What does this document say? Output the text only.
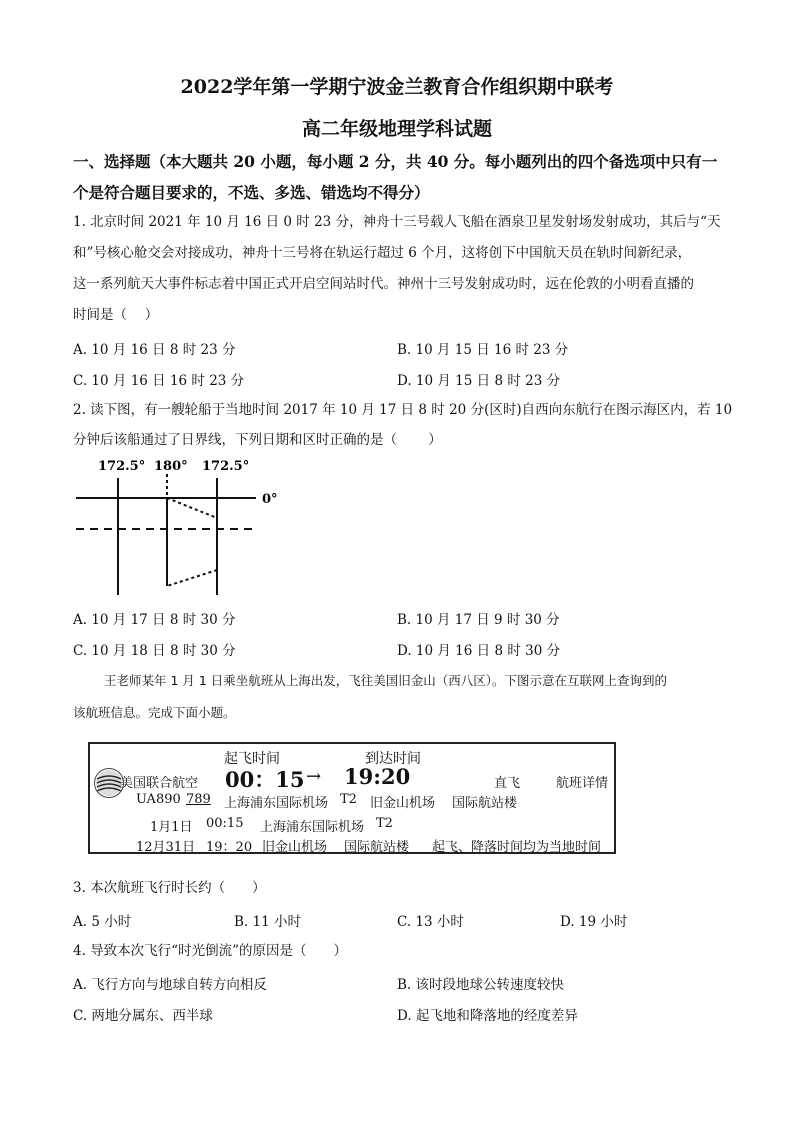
2022学年第一学期宁波金兰教育合作组织期中联考
高二年级地理学科试题
一、选择题（本大题共 20 小题，每小题 2 分，共 40 分。每小题列出的四个备选项中只有一
个是符合题目要求的，不选、多选、错选均不得分）
1. 北京时间 2021 年 10 月 16 日 0 时 23 分，神舟十三号载人飞船在酒泉卫星发射场发射成功，其后与“天
和”号核心舱交会对接成功，神舟十三号将在轨运行超过 6 个月，这将创下中国航天员在轨时间新纪录，
这一系列航天大事件标志着中国正式开启空间站时代。神州十三号发射成功时，远在伦敦的小明看直播的
时间是（　 ）
A. 10 月 16 日 8 时 23 分	B. 10 月 15 日 16 时 23 分
C. 10 月 16 日 16 时 23 分	D. 10 月 15 日 8 时 23 分
2. 读下图，有一艘轮船于当地时间 2017 年 10 月 17 日 8 时 20 分(区时)自西向东航行在图示海区内，若 10
分钟后该船通过了日界线，下列日期和区时正确的是（　　 ）
172.5° 180° 172.5°
0°
A. 10 月 17 日 8 时 30 分	B. 10 月 17 日 9 时 30 分
C. 10 月 18 日 8 时 30 分	D. 10 月 16 日 8 时 30 分
王老师某年 1 月 1 日乘坐航班从上海出发，飞往美国旧金山（西八区）。下图示意在互联网上查询到的
该航班信息。完成下面小题。
起飞时间	到达时间
美国联合航空 00：15 → 19:20	直飞	航班详情
UA890 789 上海浦东国际机场 T2 旧金山机场 国际航站楼
1月1日 00:15 上海浦东国际机场 T2
12月31日 19：20 旧金山机场 国际航站楼 起飞、降落时间均为当地时间
3. 本次航班飞行时长约（　　）
A. 5 小时	B. 11 小时	C. 13 小时	D. 19 小时
4. 导致本次飞行“时光倒流”的原因是（　　）
A. 飞行方向与地球自转方向相反	B. 该时段地球公转速度较快
C. 两地分属东、西半球	D. 起飞地和降落地的经度差异
